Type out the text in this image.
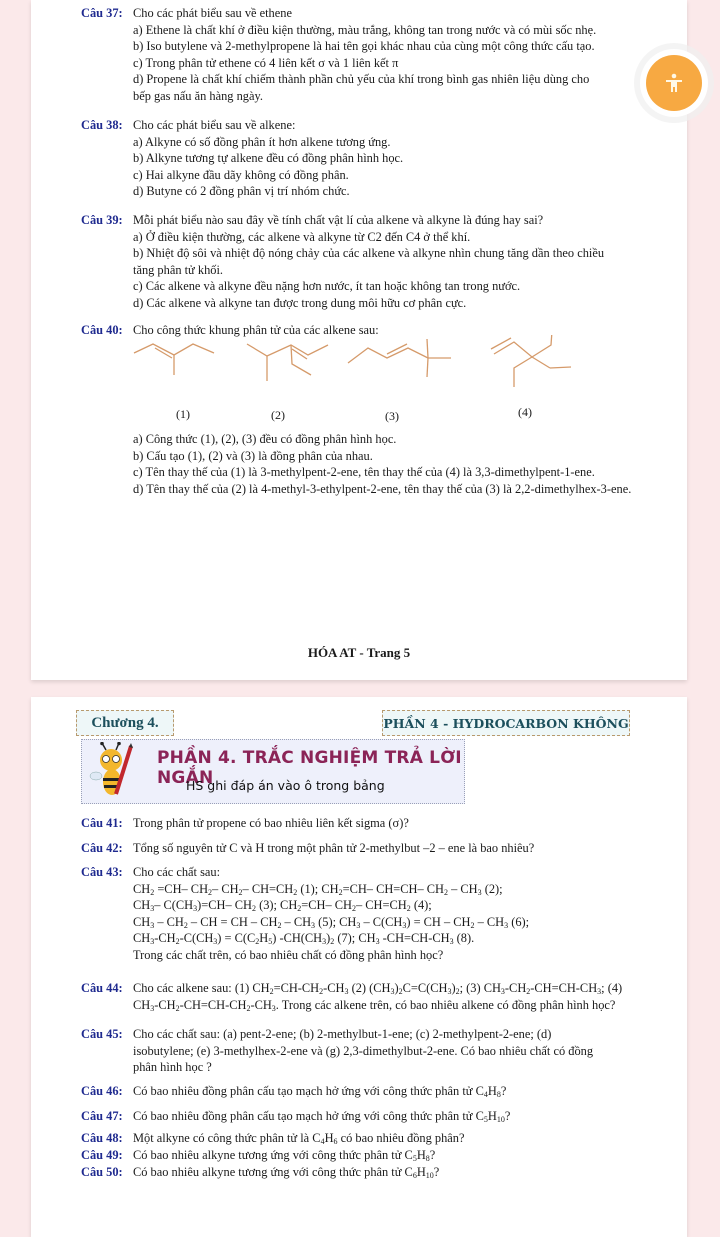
Câu 37: Cho các phát biểu sau về ethene
a) Ethene là chất khí ở điều kiện thường, màu trắng, không tan trong nước và có mùi sốc nhẹ.
b) Iso butylene và 2-methylpropene là hai tên gọi khác nhau của cùng một công thức cấu tạo.
c) Trong phân tử ethene có 4 liên kết σ và 1 liên kết π
d) Propene là chất khí chiếm thành phần chủ yếu của khí trong bình gas nhiên liệu dùng cho
bếp gas nấu ăn hàng ngày.
Câu 38: Cho các phát biểu sau về alkene:
a) Alkyne có số đồng phân ít hơn alkene tương ứng.
b) Alkyne tương tự alkene đều có đồng phân hình học.
c) Hai alkyne đầu dãy không có đồng phân.
d) Butyne có 2 đồng phân vị trí nhóm chức.
Câu 39: Mỗi phát biểu nào sau đây về tính chất vật lí của alkene và alkyne là đúng hay sai?
a) Ở điều kiện thường, các alkene và alkyne từ C2 đến C4 ở thể khí.
b) Nhiệt độ sôi và nhiệt độ nóng chảy của các alkene và alkyne nhìn chung tăng dần theo chiều
tăng phân tử khối.
c) Các alkene và alkyne đều nặng hơn nước, ít tan hoặc không tan trong nước.
d) Các alkene và alkyne tan được trong dung môi hữu cơ phân cực.
Câu 40: Cho công thức khung phân tử của các alkene sau:
(1)	(2)	(3)	(4)
a) Công thức (1), (2), (3) đều có đồng phân hình học.
b) Cấu tạo (1), (2) và (3) là đồng phân của nhau.
c) Tên thay thế của (1) là 3-methylpent-2-ene, tên thay thế của (4) là 3,3-dimethylpent-1-ene.
d) Tên thay thế của (2) là 4-methyl-3-ethylpent-2-ene, tên thay thế của (3) là 2,2-dimethylhex-3-ene.
HÓA AT - Trang 5
Chương 4.	PHẦN 4 - HYDROCARBON KHÔNG
PHẦN 4. TRẮC NGHIỆM TRẢ LỜI NGẮN
HS ghi đáp án vào ô trong bảng
Câu 41: Trong phân tử propene có bao nhiêu liên kết sigma (σ)?
Câu 42: Tổng số nguyên tử C và H trong một phân tử 2-methylbut –2 – ene là bao nhiêu?
Câu 43: Cho các chất sau:
$CH_2 =CH-$ $CH_2-$ $CH_2-$ $CH=CH_2$ (1); $CH_2=CH-$ CH=CH– $CH_2 - CH_3$ (2);
$CH_3-$ $C(CH_3)=CH-$ $CH_2$ (3); $CH_2=CH-$ $CH_2-$ $CH=CH_2$ (4);
$CH_3 - CH_2$ – CH = CH – $CH_2 - CH_3$ (5); $CH_3 - C(CH_3)$ = CH – $CH_2 - CH_3$ (6);
$CH_3-CH_2-C(CH_3) = C(C_2H_5)$ $-CH(CH_3)_2$ (7); $CH_3$ $-CH=CH-CH_3$ (8).
Trong các chất trên, có bao nhiêu chất có đồng phân hình học?
Câu 44: Cho các alkene sau: (1) $CH_2=CH-CH_2-CH_3$ (2) $(CH_3)_2C=C(CH_3)_2$; (3) $CH_3-CH_2-CH=CH-CH_3$; (4)
$CH_3-CH_2-CH=CH-CH_2-CH_3$. Trong các alkene trên, có bao nhiêu alkene có đồng phân hình học?
Câu 45: Cho các chất sau: (a) pent-2-ene; (b) 2-methylbut-1-ene; (c) 2-methylpent-2-ene; (d)
isobutylene; (e) 3-methylhex-2-ene và (g) 2,3-dimethylbut-2-ene. Có bao nhiêu chất có đồng
phân hình học ?
Câu 46: Có bao nhiêu đồng phân cấu tạo mạch hở ứng với công thức phân tử $C_4H_8$?
Câu 47: Có bao nhiêu đồng phân cấu tạo mạch hở ứng với công thức phân tử $C_5H_{10}$?
Câu 48: Một alkyne có công thức phân tử là $C_4H_6$ có bao nhiêu đồng phân?
Câu 49: Có bao nhiêu alkyne tương ứng với công thức phân tử $C_5H_8$?
Câu 50: Có bao nhiêu alkyne tương ứng với công thức phân tử $C_6H_{10}$?
